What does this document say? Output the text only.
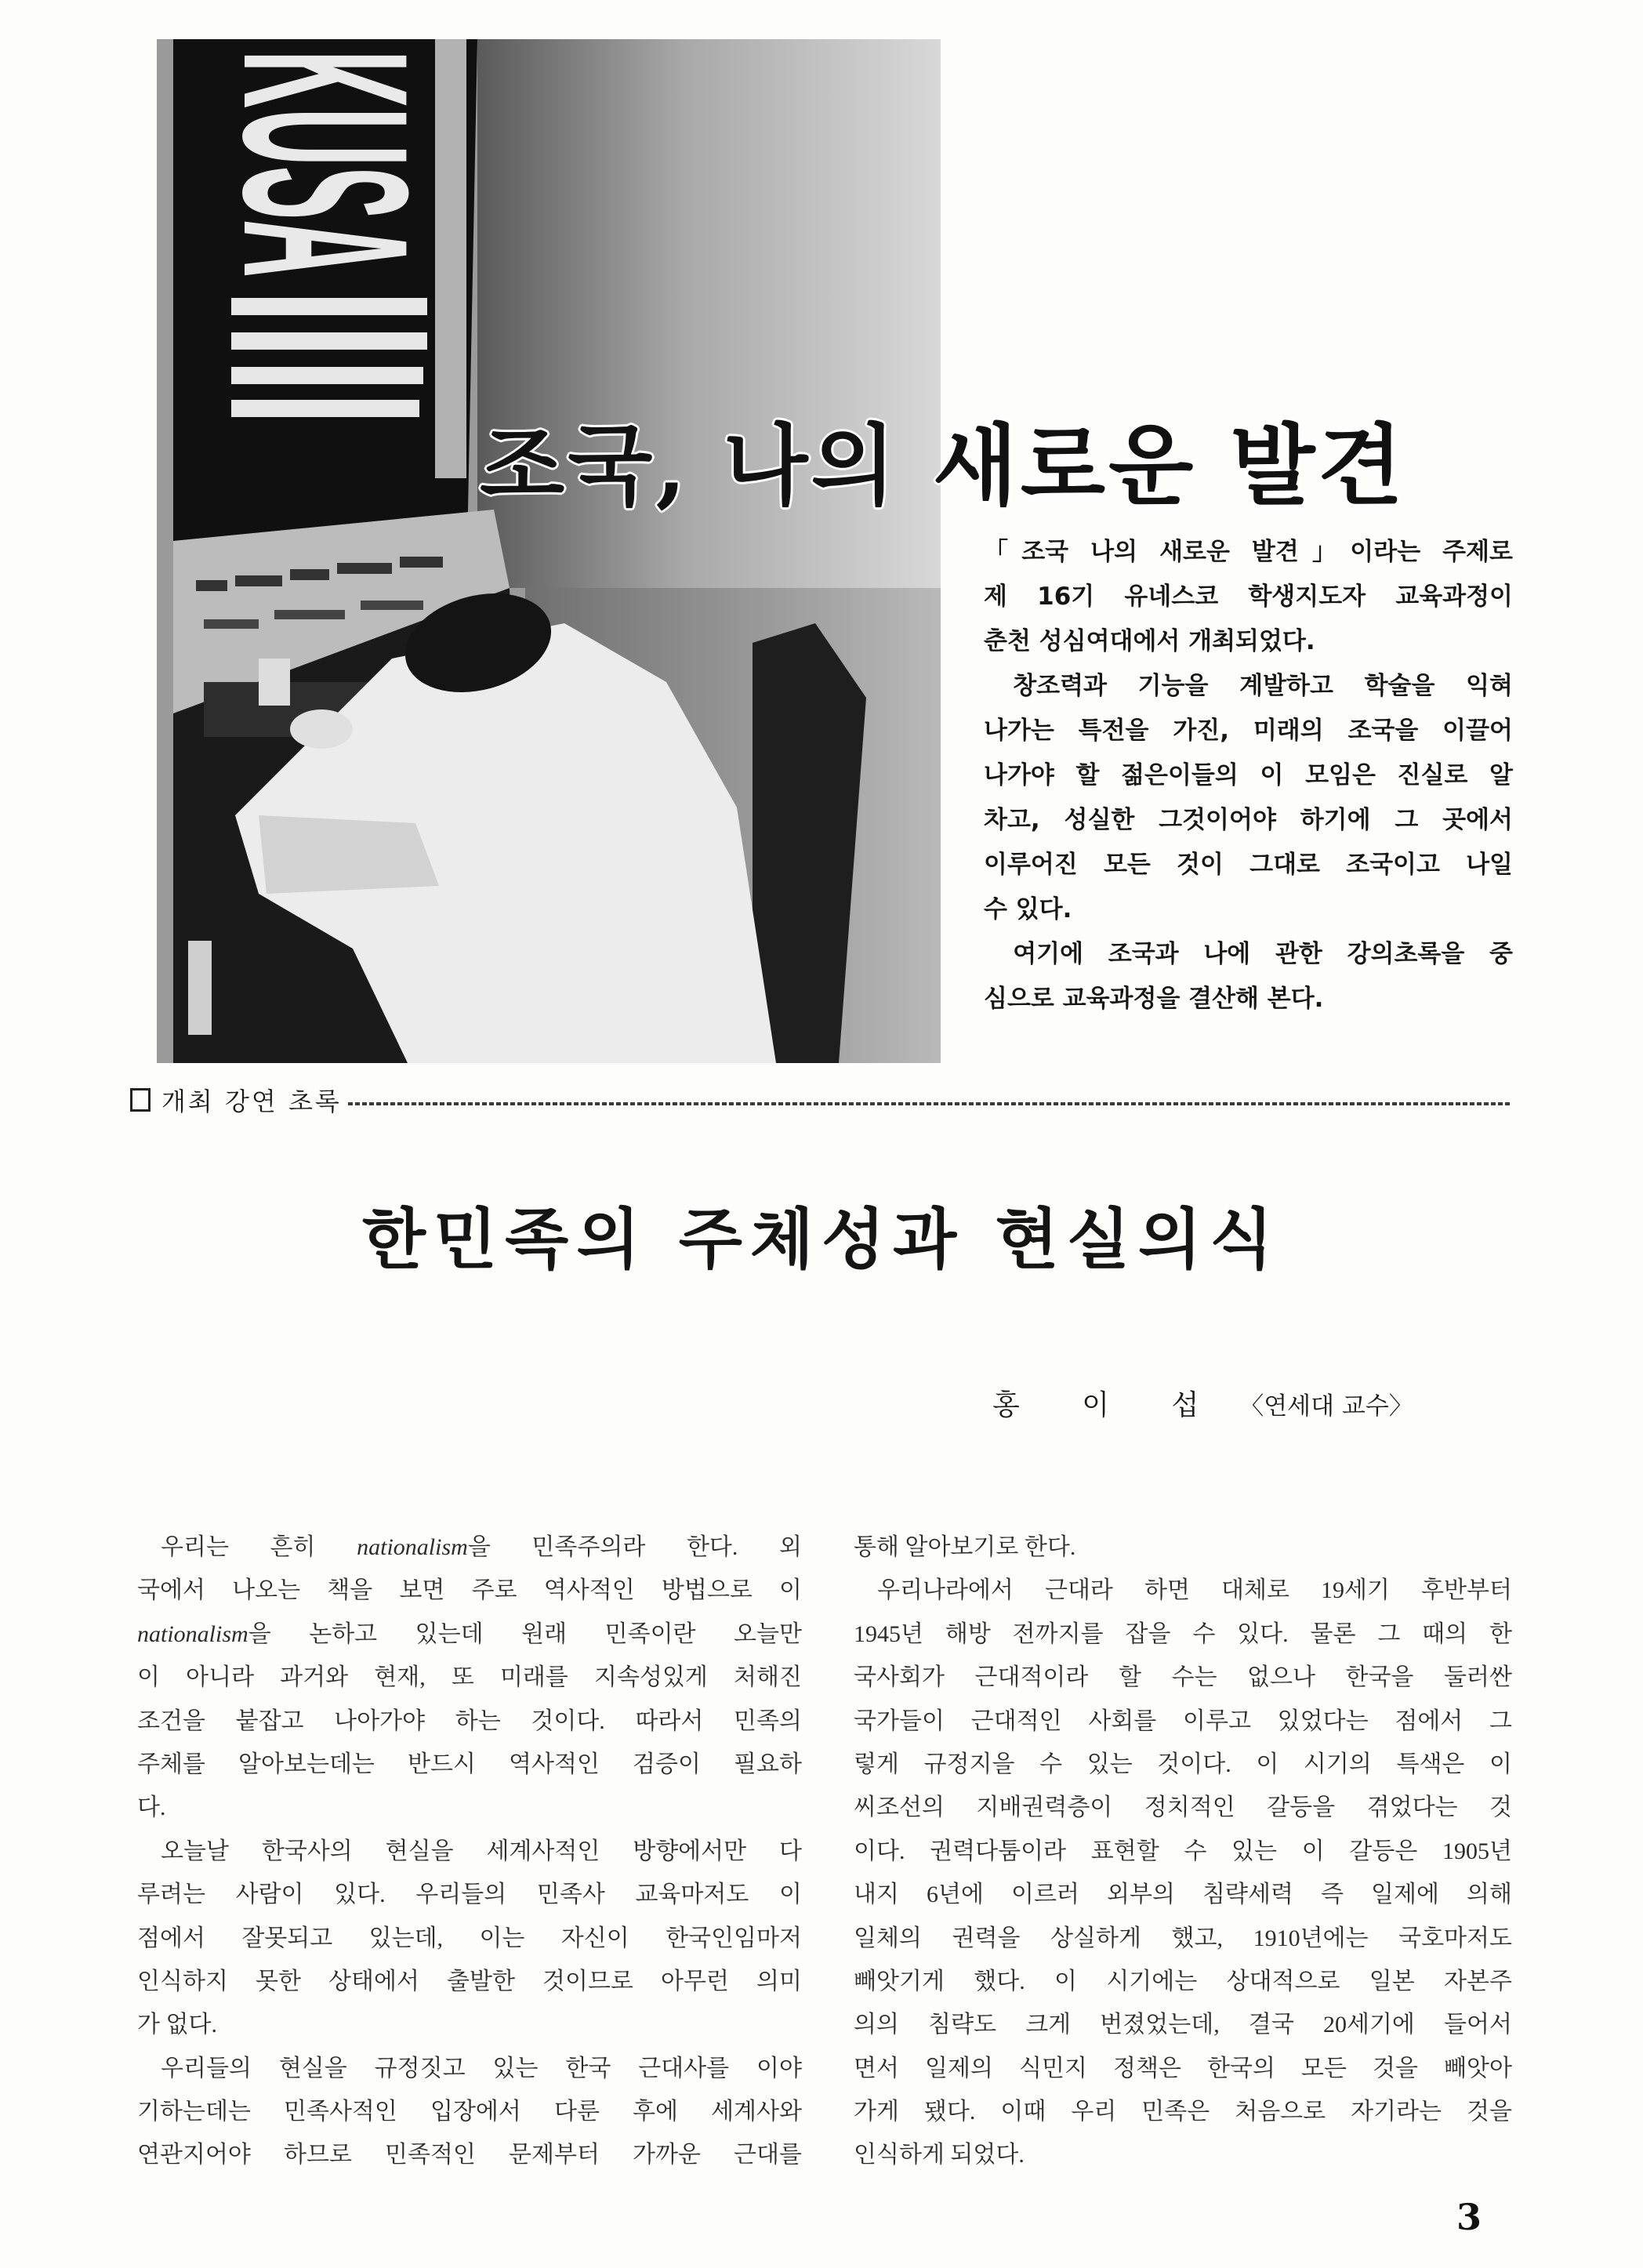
조국, 나의 새로운 발견
「조국 나의 새로운 발견」이라는 주제로
제 16기 유네스코 학생지도자 교육과정이
춘천 성심여대에서 개최되었다.
창조력과 기능을 계발하고 학술을 익혀
나가는 특전을 가진, 미래의 조국을 이끌어
나가야 할 젊은이들의 이 모임은 진실로 알
차고, 성실한 그것이어야 하기에 그 곳에서
이루어진 모든 것이 그대로 조국이고 나일
수 있다.
여기에 조국과 나에 관한 강의초록을 중
심으로 교육과정을 결산해 본다.
개최 강연 초록
한민족의 주체성과 현실의식
홍 이 섭 〈연세대 교수〉
우리는 흔히 nationalism을 민족주의라 한다. 외
국에서 나오는 책을 보면 주로 역사적인 방법으로 이
nationalism을 논하고 있는데 원래 민족이란 오늘만
이 아니라 과거와 현재, 또 미래를 지속성있게 처해진
조건을 붙잡고 나아가야 하는 것이다. 따라서 민족의
주체를 알아보는데는 반드시 역사적인 검증이 필요하
다.
오늘날 한국사의 현실을 세계사적인 방향에서만 다
루려는 사람이 있다. 우리들의 민족사 교육마저도 이
점에서 잘못되고 있는데, 이는 자신이 한국인임마저
인식하지 못한 상태에서 출발한 것이므로 아무런 의미
가 없다.
우리들의 현실을 규정짓고 있는 한국 근대사를 이야
기하는데는 민족사적인 입장에서 다룬 후에 세계사와
연관지어야 하므로 민족적인 문제부터 가까운 근대를
통해 알아보기로 한다.
우리나라에서 근대라 하면 대체로 19세기 후반부터
1945년 해방 전까지를 잡을 수 있다. 물론 그 때의 한
국사회가 근대적이라 할 수는 없으나 한국을 둘러싼
국가들이 근대적인 사회를 이루고 있었다는 점에서 그
렇게 규정지을 수 있는 것이다. 이 시기의 특색은 이
씨조선의 지배권력층이 정치적인 갈등을 겪었다는 것
이다. 권력다툼이라 표현할 수 있는 이 갈등은 1905년
내지 6년에 이르러 외부의 침략세력 즉 일제에 의해
일체의 권력을 상실하게 했고, 1910년에는 국호마저도
빼앗기게 했다. 이 시기에는 상대적으로 일본 자본주
의의 침략도 크게 번졌었는데, 결국 20세기에 들어서
면서 일제의 식민지 정책은 한국의 모든 것을 빼앗아
가게 됐다. 이때 우리 민족은 처음으로 자기라는 것을
인식하게 되었다.
3
